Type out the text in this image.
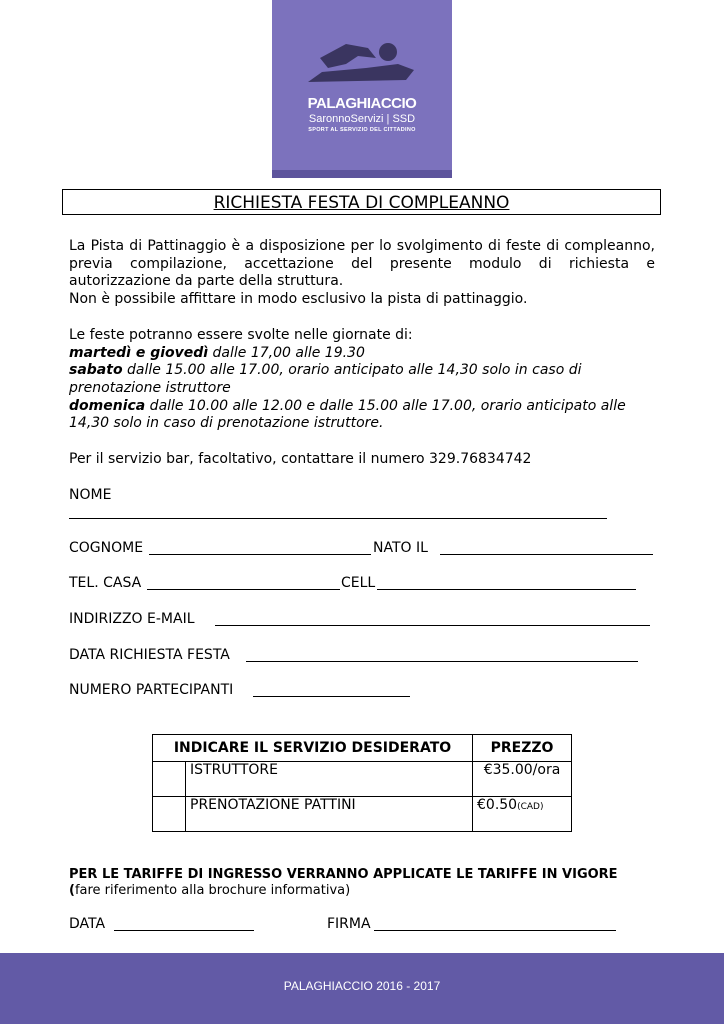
PALAGHIACCIO
SaronnoServizi | SSD
SPORT AL SERVIZIO DEL CITTADINO
RICHIESTA FESTA DI COMPLEANNO
La Pista di Pattinaggio è a disposizione per lo svolgimento di feste di compleanno,
previa compilazione, accettazione del presente modulo di richiesta e
autorizzazione da parte della struttura.
Non è possibile affittare in modo esclusivo la pista di pattinaggio.
Le feste potranno essere svolte nelle giornate di:
martedì e giovedì dalle 17,00 alle 19.30
sabato dalle 15.00 alle 17.00, orario anticipato alle 14,30 solo in caso di
prenotazione istruttore
domenica dalle 10.00 alle 12.00 e dalle 15.00 alle 17.00, orario anticipato alle
14,30 solo in caso di prenotazione istruttore.
Per il servizio bar, facoltativo, contattare il numero 329.76834742
NOME
COGNOME	NATO IL
TEL. CASA	CELL
INDIRIZZO E-MAIL
DATA RICHIESTA FESTA
NUMERO PARTECIPANTI
INDICARE IL SERVIZIO DESIDERATO		PREZZO
	ISTRUTTORE	€35.00/ora
	PRENOTAZIONE PATTINI	€0.50(CAD)
PER LE TARIFFE DI INGRESSO VERRANNO APPLICATE LE TARIFFE IN VIGORE
(fare riferimento alla brochure informativa)
DATA	FIRMA
PALAGHIACCIO 2016 - 2017
